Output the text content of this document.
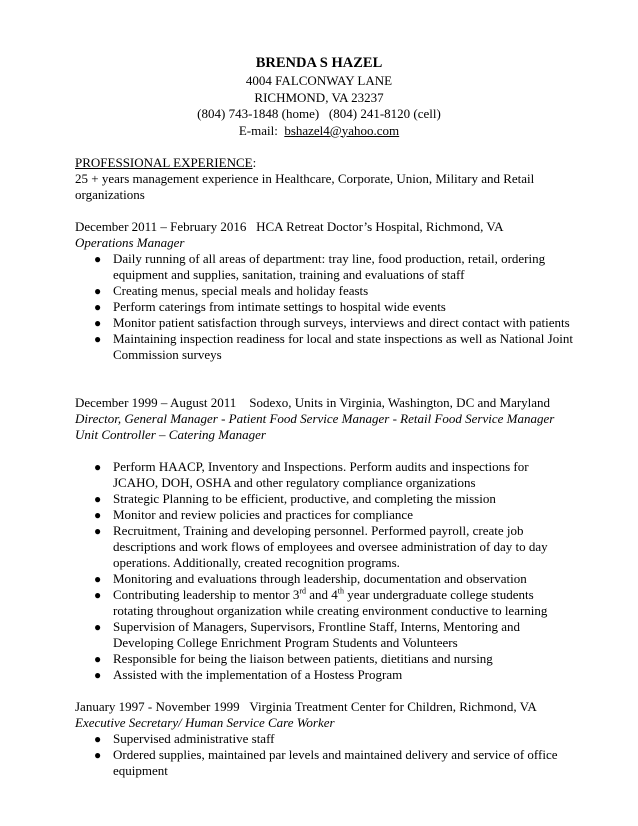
BRENDA S HAZEL
4004 FALCONWAY LANE
RICHMOND, VA 23237
(804) 743-1848 (home)   (804) 241-8120 (cell)
E-mail: bshazel4@yahoo.com
PROFESSIONAL EXPERIENCE:
25 + years management experience in Healthcare, Corporate, Union, Military and Retail organizations
December 2011 – February 2016 HCA Retreat Doctor’s Hospital, Richmond, VA
Operations Manager
● Daily running of all areas of department: tray line, food production, retail, ordering equipment and supplies, sanitation, training and evaluations of staff
● Creating menus, special meals and holiday feasts
● Perform caterings from intimate settings to hospital wide events
● Monitor patient satisfaction through surveys, interviews and direct contact with patients
● Maintaining inspection readiness for local and state inspections as well as National Joint Commission surveys
December 1999 – August 2011 Sodexo, Units in Virginia, Washington, DC and Maryland
Director, General Manager - Patient Food Service Manager - Retail Food Service Manager
Unit Controller – Catering Manager
● Perform HAACP, Inventory and Inspections. Perform audits and inspections for JCAHO, DOH, OSHA and other regulatory compliance organizations
● Strategic Planning to be efficient, productive, and completing the mission
● Monitor and review policies and practices for compliance
● Recruitment, Training and developing personnel. Performed payroll, create job descriptions and work flows of employees and oversee administration of day to day operations. Additionally, created recognition programs.
● Monitoring and evaluations through leadership, documentation and observation
● Contributing leadership to mentor 3rd and 4th year undergraduate college students rotating throughout organization while creating environment conductive to learning
● Supervision of Managers, Supervisors, Frontline Staff, Interns, Mentoring and Developing College Enrichment Program Students and Volunteers
● Responsible for being the liaison between patients, dietitians and nursing
● Assisted with the implementation of a Hostess Program
January 1997 - November 1999 Virginia Treatment Center for Children, Richmond, VA
Executive Secretary/ Human Service Care Worker
● Supervised administrative staff
● Ordered supplies, maintained par levels and maintained delivery and service of office equipment
